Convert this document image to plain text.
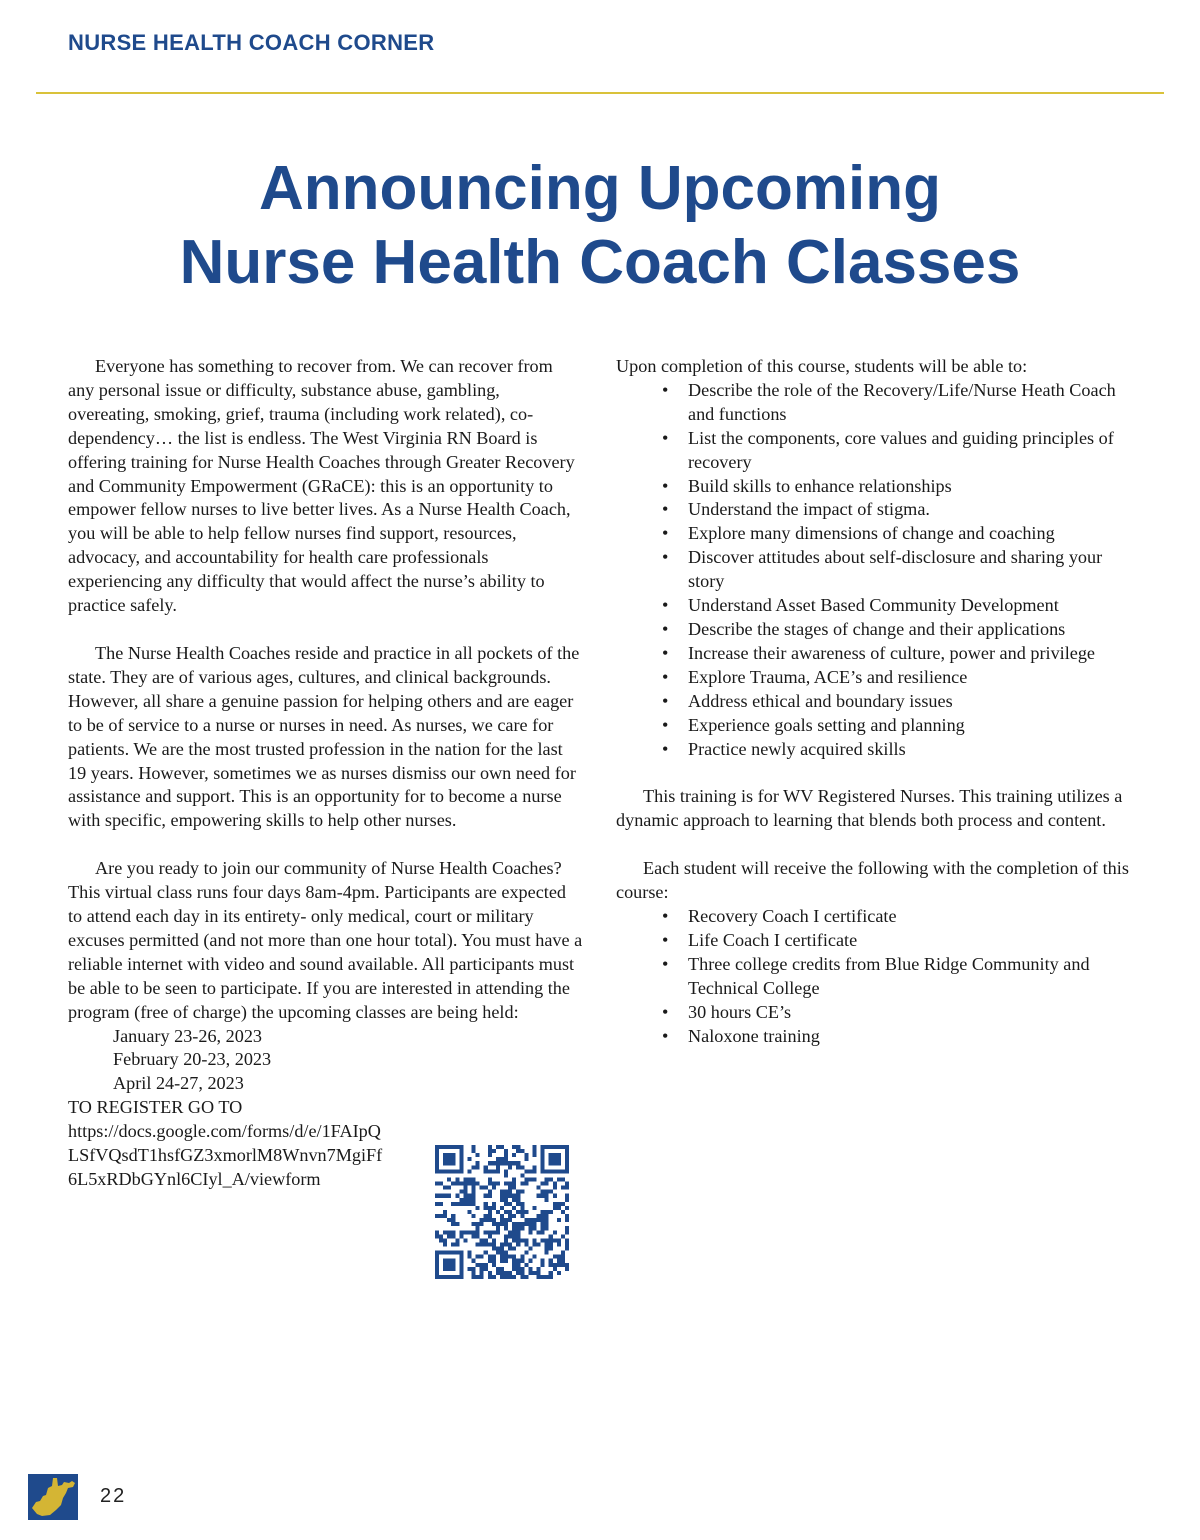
NURSE HEALTH COACH CORNER
Announcing Upcoming
Nurse Health Coach Classes

Everyone has something to recover from. We can recover from any personal issue or difficulty, substance abuse, gambling, overeating, smoking, grief, trauma (including work related), co-dependency… the list is endless. The West Virginia RN Board is offering training for Nurse Health Coaches through Greater Recovery and Community Empowerment (GRaCE): this is an opportunity to empower fellow nurses to live better lives. As a Nurse Health Coach, you will be able to help fellow nurses find support, resources, advocacy, and accountability for health care professionals experiencing any difficulty that would affect the nurse’s ability to practice safely.

The Nurse Health Coaches reside and practice in all pockets of the state. They are of various ages, cultures, and clinical backgrounds. However, all share a genuine passion for helping others and are eager to be of service to a nurse or nurses in need. As nurses, we care for patients. We are the most trusted profession in the nation for the last 19 years. However, sometimes we as nurses dismiss our own need for assistance and support. This is an opportunity for to become a nurse with specific, empowering skills to help other nurses.

Are you ready to join our community of Nurse Health Coaches? This virtual class runs four days 8am-4pm. Participants are expected to attend each day in its entirety- only medical, court or military excuses permitted (and not more than one hour total). You must have a reliable internet with video and sound available. All participants must be able to be seen to participate. If you are interested in attending the program (free of charge) the upcoming classes are being held:

January 23-26, 2023
February 20-23, 2023
April 24-27, 2023
TO REGISTER GO TO
https://docs.google.com/forms/d/e/1FAIpQLSfVQsdT1hsfGZ3xmorlM8Wnvn7MgiFf6L5xRDbGYnl6CIyl_A/viewform

Upon completion of this course, students will be able to:

• Describe the role of the Recovery/Life/Nurse Heath Coach and functions
• List the components, core values and guiding principles of recovery
• Build skills to enhance relationships
• Understand the impact of stigma.
• Explore many dimensions of change and coaching
• Discover attitudes about self-disclosure and sharing your story
• Understand Asset Based Community Development
• Describe the stages of change and their applications
• Increase their awareness of culture, power and privilege
• Explore Trauma, ACE’s and resilience
• Address ethical and boundary issues
• Experience goals setting and planning
• Practice newly acquired skills

This training is for WV Registered Nurses. This training utilizes a dynamic approach to learning that blends both process and content.

Each student will receive the following with the completion of this course:

• Recovery Coach I certificate
• Life Coach I certificate
• Three college credits from Blue Ridge Community and Technical College
• 30 hours CE’s
• Naloxone training
22
